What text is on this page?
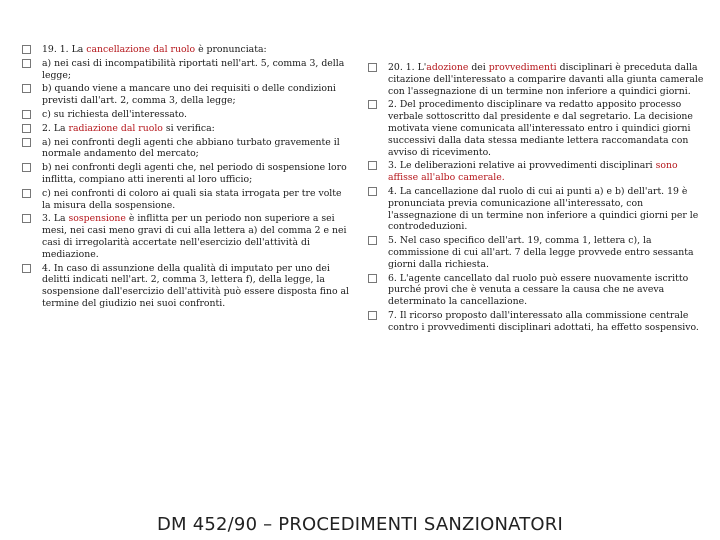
19. 1. La cancellazione dal ruolo è pronunciata:
a) nei casi di incompatibilità riportati nell'art. 5, comma 3, della legge;
b) quando viene a mancare uno dei requisiti o delle condizioni previsti dall'art. 2, comma 3, della legge;
c) su richiesta dell'interessato.
2. La radiazione dal ruolo si verifica:
a) nei confronti degli agenti che abbiano turbato gravemente il normale andamento del mercato;
b) nei confronti degli agenti che, nel periodo di sospensione loro inflitta, compiano atti inerenti al loro ufficio;
c) nei confronti di coloro ai quali sia stata irrogata per tre volte la misura della sospensione.
3. La sospensione è inflitta per un periodo non superiore a sei mesi, nei casi meno gravi di cui alla lettera a) del comma 2 e nei casi di irregolarità accertate nell'esercizio dell'attività di mediazione.
4. In caso di assunzione della qualità di imputato per uno dei delitti indicati nell'art. 2, comma 3, lettera f), della legge, la sospensione dall'esercizio dell'attività può essere disposta fino al termine del giudizio nei suoi confronti.
20. 1. L'adozione dei provvedimenti disciplinari è preceduta dalla citazione dell'interessato a comparire davanti alla giunta camerale con l'assegnazione di un termine non inferiore a quindici giorni.
2. Del procedimento disciplinare va redatto apposito processo verbale sottoscritto dal presidente e dal segretario. La decisione motivata viene comunicata all'interessato entro i quindici giorni successivi dalla data stessa mediante lettera raccomandata con avviso di ricevimento.
3. Le deliberazioni relative ai provvedimenti disciplinari sono affisse all'albo camerale.
4. La cancellazione dal ruolo di cui ai punti a) e b) dell'art. 19 è pronunciata previa comunicazione all'interessato, con l'assegnazione di un termine non inferiore a quindici giorni per le controdeduzioni.
5. Nel caso specifico dell'art. 19, comma 1, lettera c), la commissione di cui all'art. 7 della legge provvede entro sessanta giorni dalla richiesta.
6. L'agente cancellato dal ruolo può essere nuovamente iscritto purché provi che è venuta a cessare la causa che ne aveva determinato la cancellazione.
7. Il ricorso proposto dall'interessato alla commissione centrale contro i provvedimenti disciplinari adottati, ha effetto sospensivo.
DM 452/90 – PROCEDIMENTI SANZIONATORI
